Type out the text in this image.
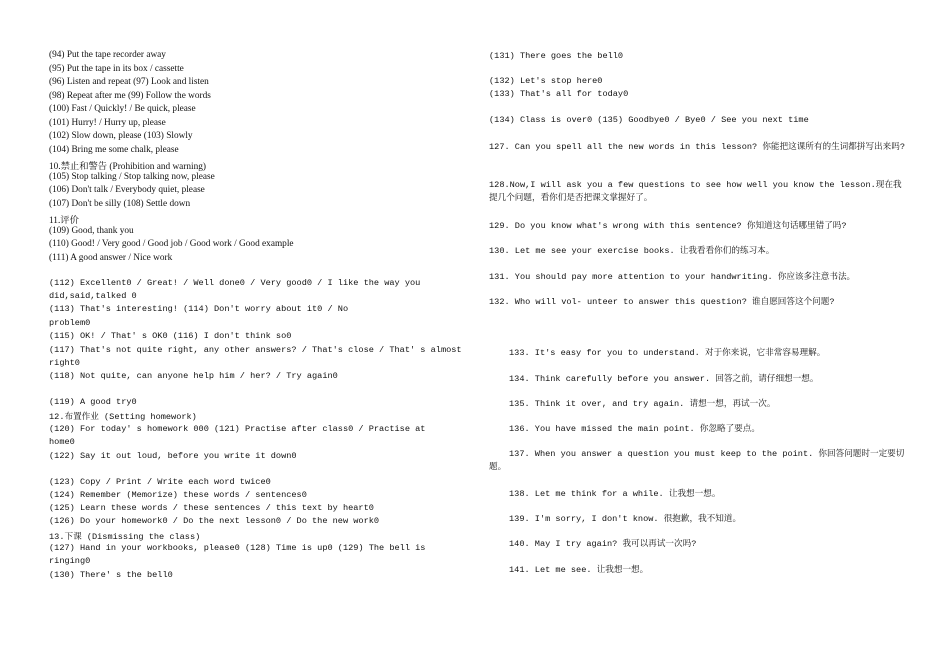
(94) Put the tape recorder away
(95) Put the tape in its box / cassette
(96) Listen and repeat (97) Look and listen
(98) Repeat after me (99) Follow the words
(100) Fast / Quickly! / Be quick, please
(101) Hurry! / Hurry up, please
(102) Slow down, please (103) Slowly
(104) Bring me some chalk, please
10.禁止和警告 (Prohibition and warning)
(105) Stop talking / Stop talking now, please
(106) Don't talk / Everybody quiet, please
(107) Don't be silly (108) Settle down
11.评价
(109) Good, thank you
(110) Good! / Very good / Good job / Good work / Good example
(111) A good answer / Nice work
(112) Excellent0 / Great! / Well done0 / Very good0 / I like the way you
did,said,talked 0
(113) That's interesting! (114) Don't worry about it0 / No
problem0
(115) OK! / That' s OK0 (116) I don't think so0
(117) That's not quite right, any other answers? / That's close / That' s almost
right0
(118) Not quite, can anyone help him / her? / Try again0
(119) A good try0
12.布置作业 (Setting homework)
(120) For today' s homework 000 (121) Practise after class0 / Practise at
home0
(122) Say it out loud, before you write it down0
(123) Copy / Print / Write each word twice0
(124) Remember (Memorize) these words / sentences0
(125) Learn these words / these sentences / this text by heart0
(126) Do your homework0 / Do the next lesson0 / Do the new work0
13.下课 (Dismissing the class)
(127) Hand in your workbooks, please0 (128) Time is up0 (129) The bell is
ringing0
(130) There' s the bell0
(131) There goes the bell0
(132) Let's stop here0
(133) That's all for today0
(134) Class is over0 (135) Goodbye0 / Bye0 / See you next time
127. Can you spell all the new words in this lesson? 你能把这课所有的生词都拼写出来吗?
128.Now,I will ask you a few questions to see how well you know the lesson.现在我提几个问题，看你们是否把课文掌握好了。
129. Do you know what's wrong with this sentence? 你知道这句话哪里错了吗?
130. Let me see your exercise books. 让我看看你们的练习本。
131. You should pay more attention to your handwriting. 你应该多注意书法。
132. Who will vol- unteer to answer this question? 谁自愿回答这个问题?
133. It's easy for you to understand. 对于你来说，它非常容易理解。
134. Think carefully before you answer. 回答之前，请仔细想一想。
135. Think it over, and try again. 请想一想，再试一次。
136. You have missed the main point. 你忽略了要点。
137. When you answer a question you must keep to the point. 你回答问题时一定要切题。
138. Let me think for a while. 让我想一想。
139. I'm sorry, I don't know. 很抱歉，我不知道。
140. May I try again? 我可以再试一次吗?
141. Let me see. 让我想一想。
